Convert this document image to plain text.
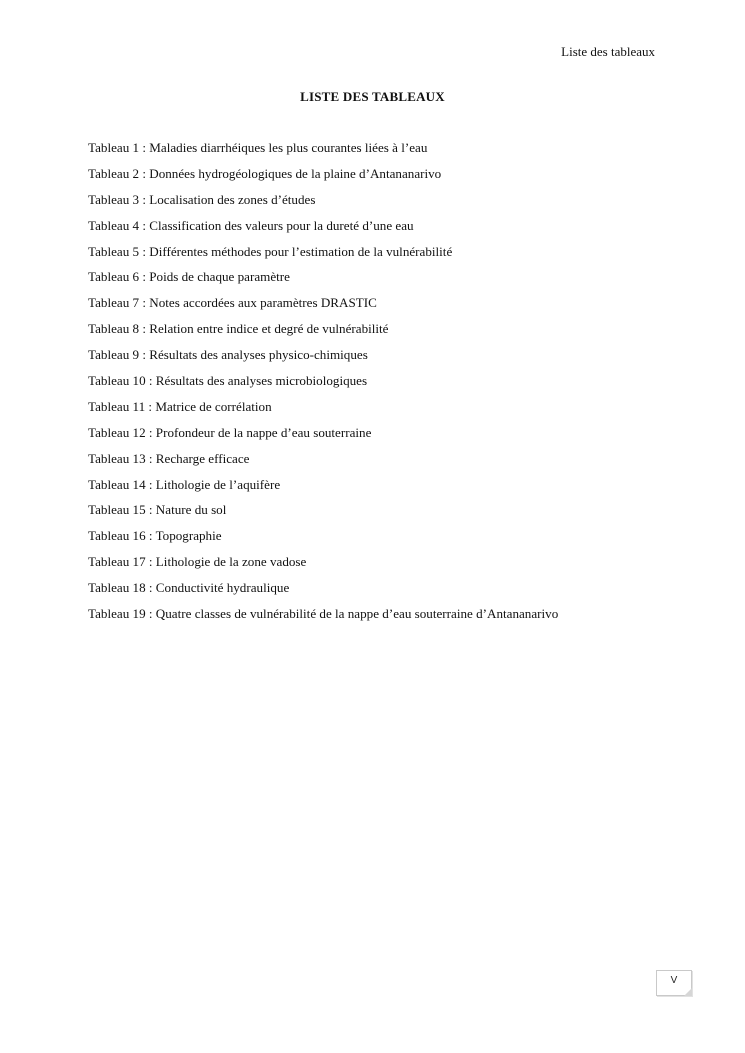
Liste des tableaux
LISTE DES TABLEAUX
Tableau 1 : Maladies diarrhéiques les plus courantes liées à l’eau
Tableau 2 : Données hydrogéologiques de la plaine d’Antananarivo
Tableau 3 : Localisation des zones d’études
Tableau 4 : Classification des valeurs pour la dureté d’une eau
Tableau 5 : Différentes méthodes pour l’estimation de la vulnérabilité
Tableau 6 : Poids de chaque paramètre
Tableau 7 : Notes accordées aux paramètres DRASTIC
Tableau 8 : Relation entre indice et degré de vulnérabilité
Tableau 9 : Résultats des analyses physico-chimiques
Tableau 10 : Résultats des analyses microbiologiques
Tableau 11 : Matrice de corrélation
Tableau 12 : Profondeur de la nappe d’eau souterraine
Tableau 13 : Recharge efficace
Tableau 14 : Lithologie de l’aquifère
Tableau 15 : Nature du sol
Tableau 16 : Topographie
Tableau 17 : Lithologie de la zone vadose
Tableau 18 : Conductivité hydraulique
Tableau 19 : Quatre classes de vulnérabilité de la nappe d’eau souterraine d’Antananarivo
V
